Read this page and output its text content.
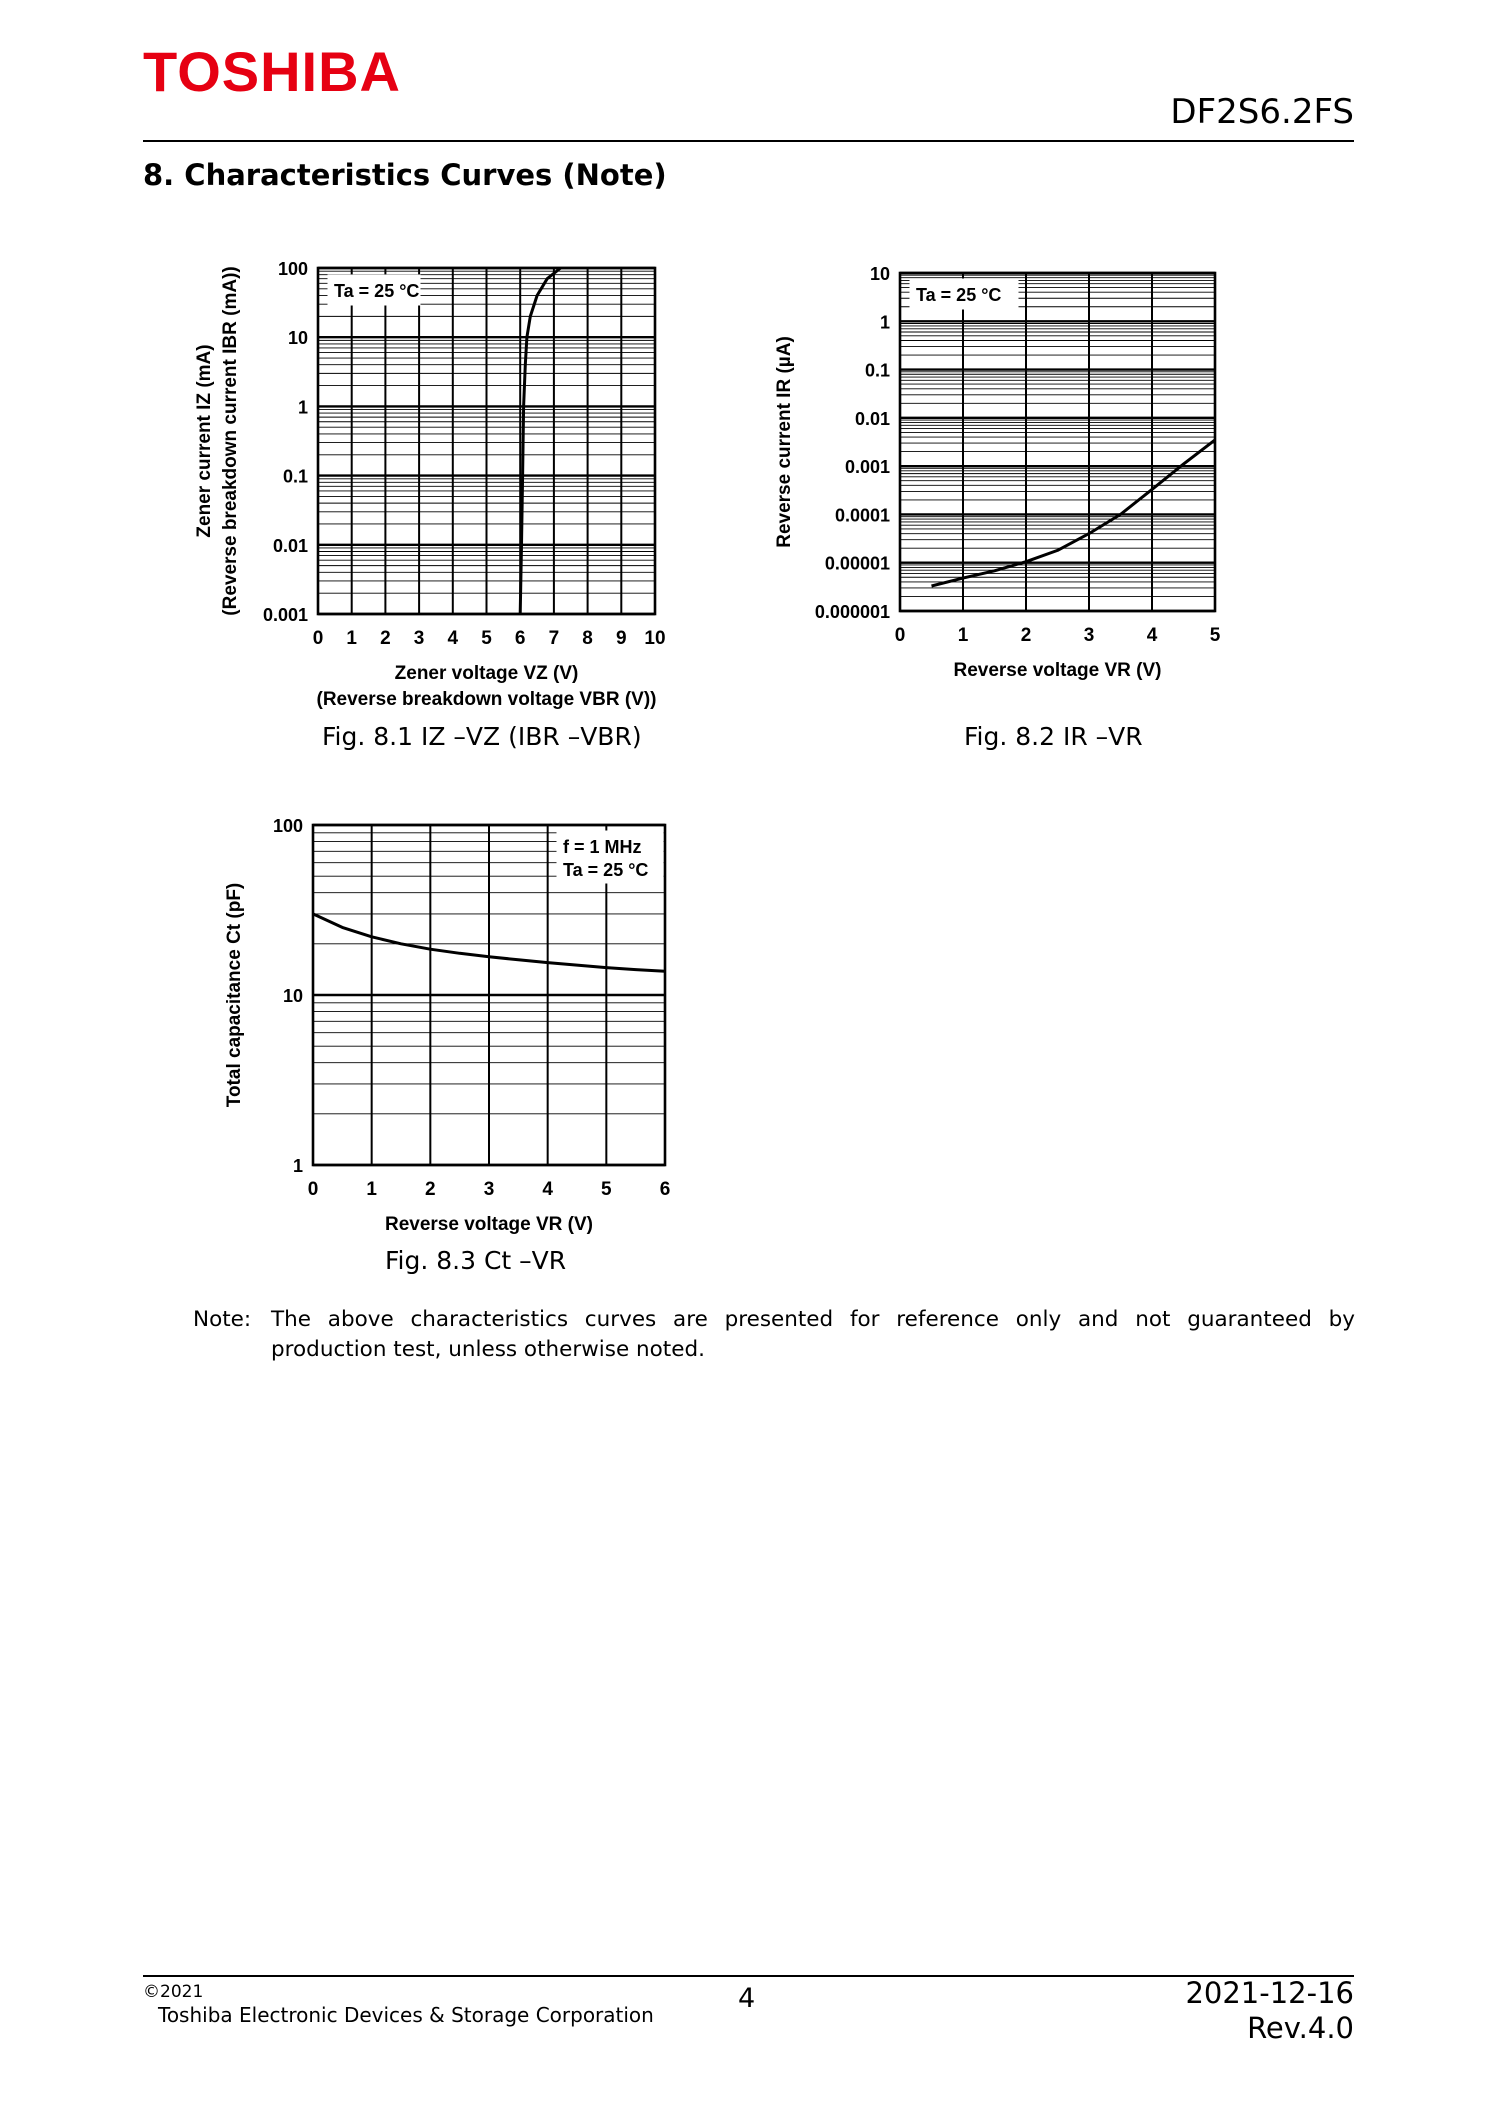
TOSHIBA
DF2S6.2FS
8. Characteristics Curves (Note)
0 1 2 3 4 5 6 7 8 9 10
0.001
0.01
0.1
1
10
100
Ta = 25 °C
Zener voltage VZ (V)
(Reverse breakdown voltage VBR (V))
Zener current IZ (mA) (Reverse breakdown current IBR (mA))
Fig. 8.1 IZ –VZ (IBR –VBR)
0	1	2	3	4	5
0.000001
0.00001
0.0001
0.001
0.01
0.1
1
10
Ta = 25 °C
Reverse voltage VR (V)
Reverse current IR (µA)
Fig. 8.2 IR –VR
0	1	2	3	4	5	6
1
10
100
f = 1 MHz
Ta = 25 °C
Reverse voltage VR (V)
Total capacitance Ct (pF)
Fig. 8.3 Ct –VR
Note: The above characteristics curves are presented for reference only and not guaranteed by production test, unless otherwise noted.
©2021
Toshiba Electronic Devices & Storage Corporation
4	2021-12-16
Rev.4.0
